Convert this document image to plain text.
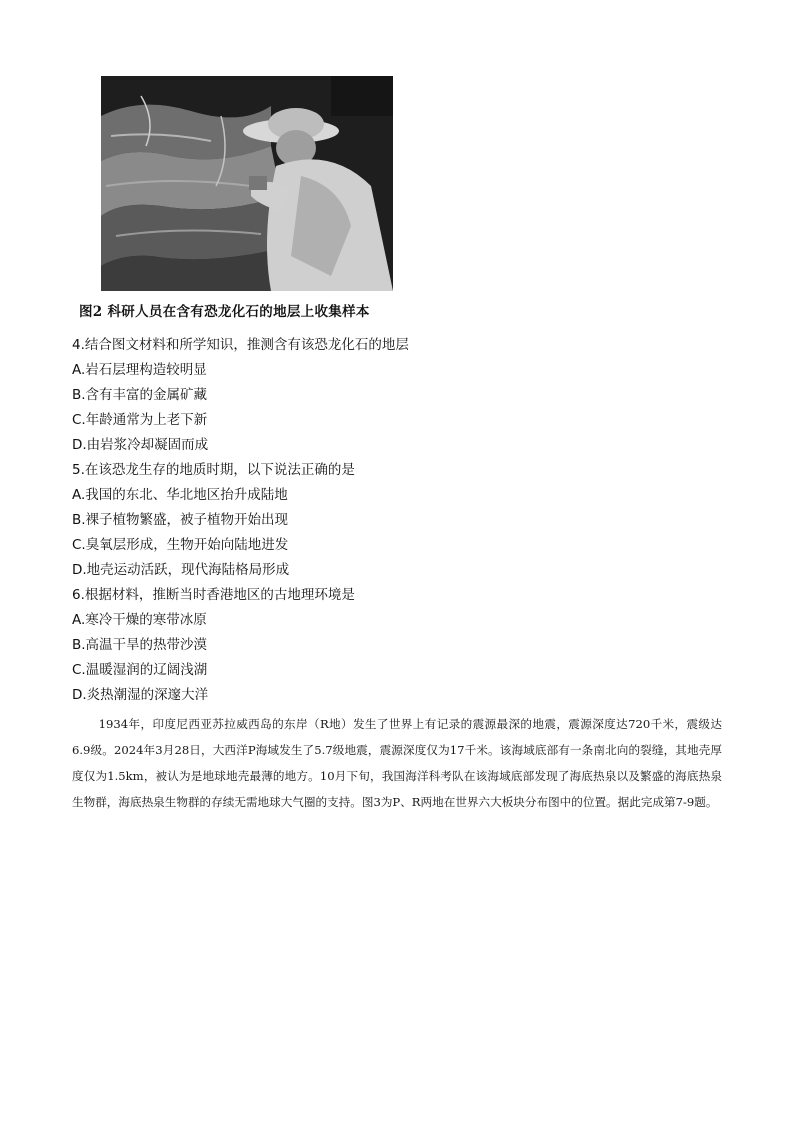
图2 科研人员在含有恐龙化石的地层上收集样本
4.结合图文材料和所学知识，推测含有该恐龙化石的地层
A.岩石层理构造较明显
B.含有丰富的金属矿藏
C.年龄通常为上老下新
D.由岩浆冷却凝固而成
5.在该恐龙生存的地质时期，以下说法正确的是
A.我国的东北、华北地区抬升成陆地
B.裸子植物繁盛，被子植物开始出现
C.臭氧层形成，生物开始向陆地进发
D.地壳运动活跃，现代海陆格局形成
6.根据材料，推断当时香港地区的古地理环境是
A.寒冷干燥的寒带冰原
B.高温干旱的热带沙漠
C.温暖湿润的辽阔浅湖
D.炎热潮湿的深邃大洋
1934年，印度尼西亚苏拉威西岛的东岸（R地）发生了世界上有记录的震源最深的地震，震源深度达720千米，震级达6.9级。2024年3月28日，大西洋P海域发生了5.7级地震，震源深度仅为17千米。该海域底部有一条南北向的裂缝，其地壳厚度仅为1.5km，被认为是地球地壳最薄的地方。10月下旬，我国海洋科考队在该海域底部发现了海底热泉以及繁盛的海底热泉生物群，海底热泉生物群的存续无需地球大气圈的支持。图3为P、R两地在世界六大板块分布图中的位置。据此完成第7-9题。
